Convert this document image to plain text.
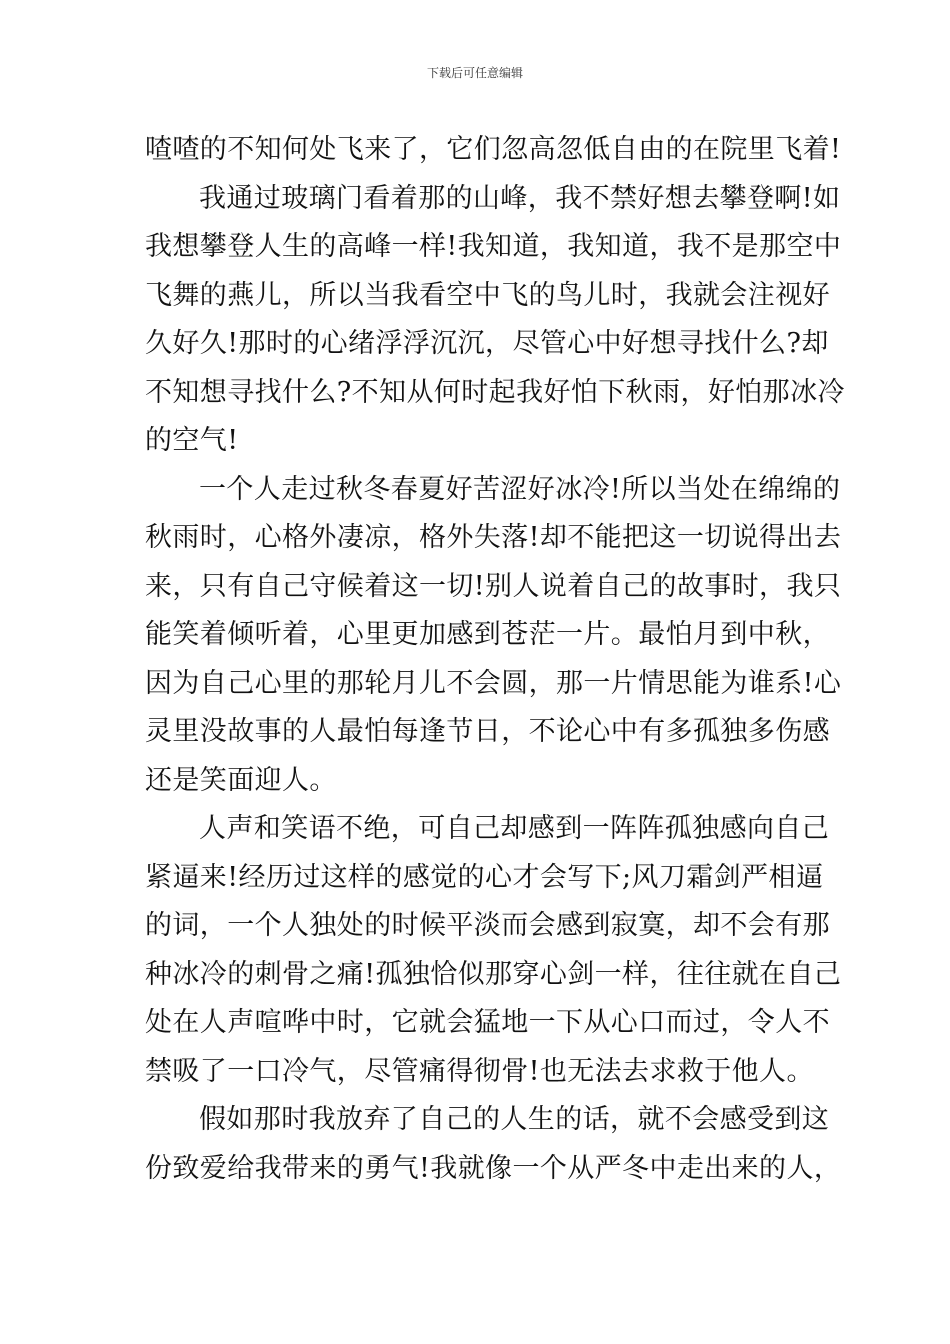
下载后可任意编辑
喳喳的不知何处飞来了，它们忽高忽低自由的在院里飞着!
我通过玻璃门看着那的山峰，我不禁好想去攀登啊!如
我想攀登人生的高峰一样!我知道，我知道，我不是那空中
飞舞的燕儿，所以当我看空中飞的鸟儿时，我就会注视好
久好久!那时的心绪浮浮沉沉，尽管心中好想寻找什么?却
不知想寻找什么?不知从何时起我好怕下秋雨，好怕那冰冷
的空气!
一个人走过秋冬春夏好苦涩好冰冷!所以当处在绵绵的
秋雨时，心格外凄凉，格外失落!却不能把这一切说得出去
来，只有自己守候着这一切!别人说着自己的故事时，我只
能笑着倾听着，心里更加感到苍茫一片。最怕月到中秋，
因为自己心里的那轮月儿不会圆，那一片情思能为谁系!心
灵里没故事的人最怕每逢节日，不论心中有多孤独多伤感
还是笑面迎人。
人声和笑语不绝，可自己却感到一阵阵孤独感向自己
紧逼来!经历过这样的感觉的心才会写下;风刀霜剑严相逼
的词，一个人独处的时候平淡而会感到寂寞，却不会有那
种冰冷的刺骨之痛!孤独恰似那穿心剑一样，往往就在自己
处在人声喧哗中时，它就会猛地一下从心口而过，令人不
禁吸了一口冷气，尽管痛得彻骨!也无法去求救于他人。
假如那时我放弃了自己的人生的话，就不会感受到这
份致爱给我带来的勇气!我就像一个从严冬中走出来的人，
